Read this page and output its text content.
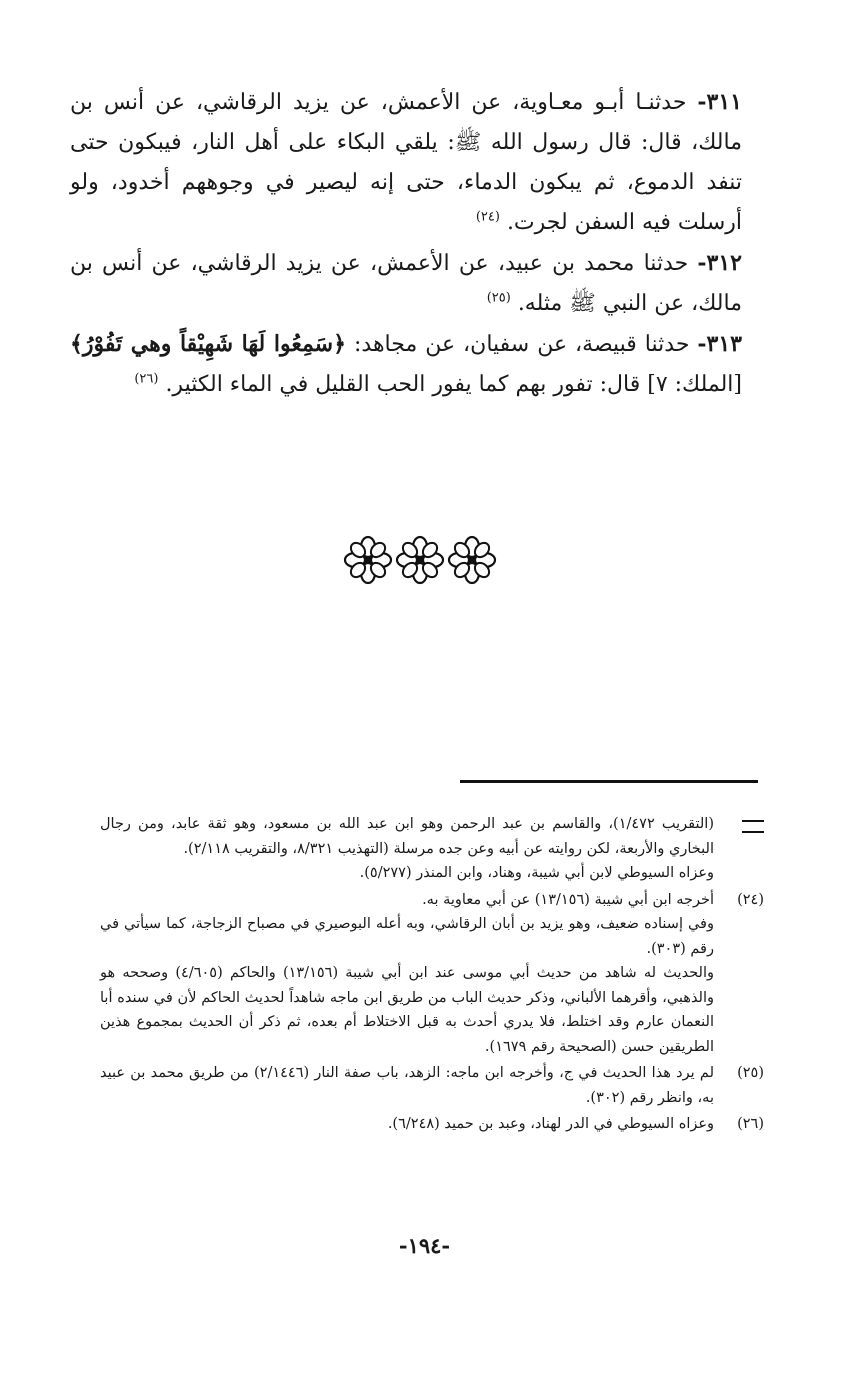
٣١١- حدثنـا أبـو معـاوية، عن الأعمش، عن يزيد الرقاشي، عن أنس بن مالك، قال: قال رسول الله ﷺ: يلقي البكاء على أهل النار، فيبكون حتى تنفد الدموع، ثم يبكون الدماء، حتى إنه ليصير في وجوههم أخدود، ولو أرسلت فيه السفن لجرت. $^{(٢٤)}$

٣١٢- حدثنا محمد بن عبيد، عن الأعمش، عن يزيد الرقاشي، عن أنس بن مالك، عن النبي ﷺ مثله. $^{(٢٥)}$

٣١٣- حدثنا قبيصة، عن سفيان، عن مجاهد: ﴿سَمِعُوا لَهَا شَهِيْقاً وهي تَفُوْرُ﴾ [الملك: ٧] قال: تفور بهم كما يفور الحب القليل في الماء الكثير. $^{(٢٦)}$

(التقريب ١/٤٧٢)، والقاسم بن عبد الرحمن وهو ابن عبد الله بن مسعود، وهو ثقة عابد، ومن رجال البخاري والأربعة، لكن روايته عن أبيه وعن جده مرسلة (التهذيب ٨/٣٢١، والتقريب ٢/١١٨).

وعزاه السيوطي لابن أبي شيبة، وهناد، وابن المنذر (٥/٢٧٧).

(٢٤)

أخرجه ابن أبي شيبة (١٣/١٥٦) عن أبي معاوية به.

وفي إسناده ضعيف، وهو يزيد بن أبان الرقاشي، وبه أعله البوصيري في مصباح الزجاجة، كما سيأتي في رقم (٣٠٣).

والحديث له شاهد من حديث أبي موسى عند ابن أبي شيبة (١٣/١٥٦) والحاكم (٤/٦٠٥) وصححه هو والذهبي، وأقرهما الألباني، وذكر حديث الباب من طريق ابن ماجه شاهداً لحديث الحاكم لأن في سنده أبا النعمان عارم وقد اختلط، فلا يدري أحدث به قبل الاختلاط أم بعده، ثم ذكر أن الحديث بمجموع هذين الطريقين حسن (الصحيحة رقم ١٦٧٩).

(٢٥)

لم يرد هذا الحديث في ج، وأخرجه ابن ماجه: الزهد، باب صفة النار (٢/١٤٤٦) من طريق محمد بن عبيد به، وانظر رقم (٣٠٢).

(٢٦)

وعزاه السيوطي في الدر لهناد، وعبد بن حميد (٦/٢٤٨).

-١٩٤-
